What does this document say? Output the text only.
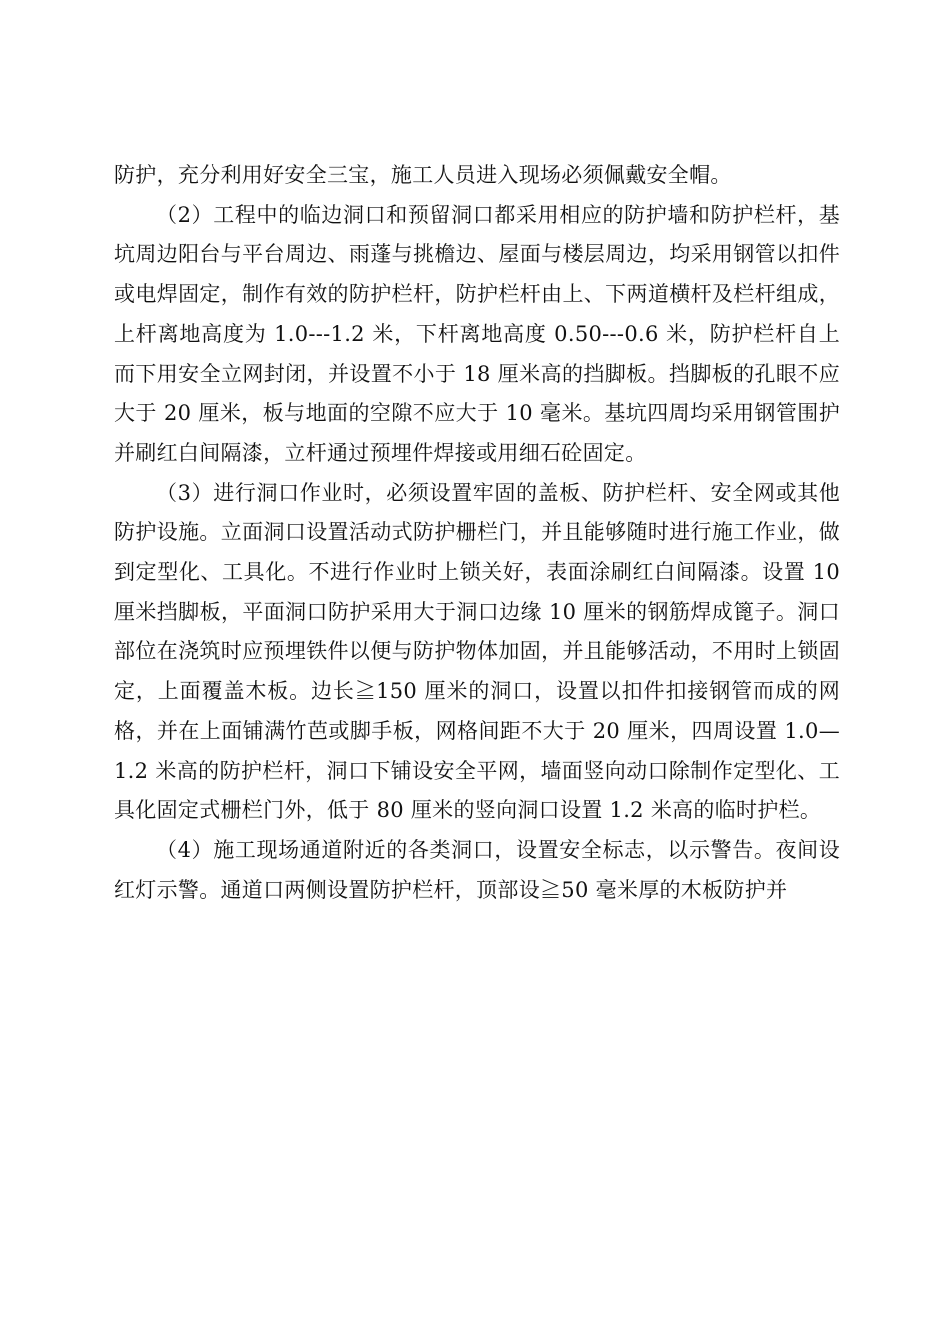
防护，充分利用好安全三宝，施工人员进入现场必须佩戴安全帽。

（2）工程中的临边洞口和预留洞口都采用相应的防护墙和防护栏杆，基坑周边阳台与平台周边、雨蓬与挑檐边、屋面与楼层周边，均采用钢管以扣件或电焊固定，制作有效的防护栏杆，防护栏杆由上、下两道横杆及栏杆组成，上杆离地高度为 1.0---1.2 米，下杆离地高度 0.50---0.6 米，防护栏杆自上而下用安全立网封闭，并设置不小于 18 厘米高的挡脚板。挡脚板的孔眼不应大于 20 厘米，板与地面的空隙不应大于 10 毫米。基坑四周均采用钢管围护并刷红白间隔漆，立杆通过预埋件焊接或用细石砼固定。

（3）进行洞口作业时，必须设置牢固的盖板、防护栏杆、安全网或其他防护设施。立面洞口设置活动式防护栅栏门，并且能够随时进行施工作业，做到定型化、工具化。不进行作业时上锁关好，表面涂刷红白间隔漆。设置 10 厘米挡脚板，平面洞口防护采用大于洞口边缘 10 厘米的钢筋焊成篦子。洞口部位在浇筑时应预埋铁件以便与防护物体加固，并且能够活动，不用时上锁固定，上面覆盖木板。边长≧150 厘米的洞口，设置以扣件扣接钢管而成的网格，并在上面铺满竹芭或脚手板，网格间距不大于 20 厘米，四周设置 1.0—1.2 米高的防护栏杆，洞口下铺设安全平网，墙面竖向动口除制作定型化、工具化固定式栅栏门外，低于 80 厘米的竖向洞口设置 1.2 米高的临时护栏。

（4）施工现场通道附近的各类洞口，设置安全标志，以示警告。夜间设红灯示警。通道口两侧设置防护栏杆，顶部设≧50 毫米厚的木板防护并
